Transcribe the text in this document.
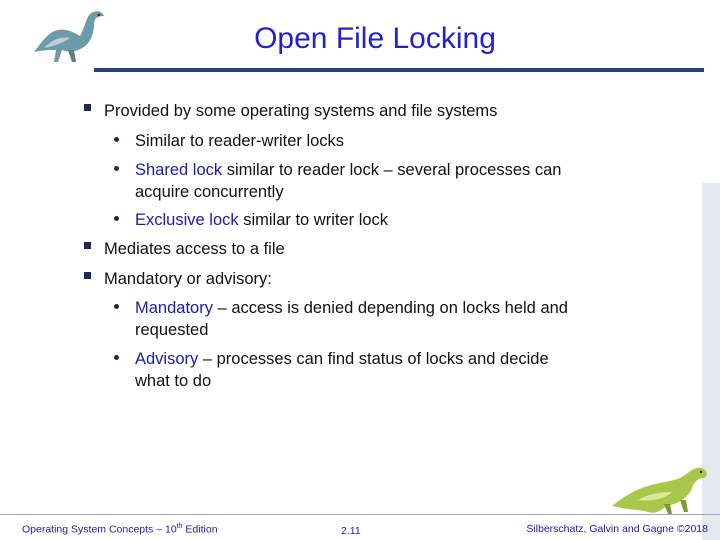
Open File Locking
Provided by some operating systems and file systems
Similar to reader-writer locks
Shared lock similar to reader lock – several processes can
acquire concurrently
Exclusive lock similar to writer lock
Mediates access to a file
Mandatory or advisory:
Mandatory – access is denied depending on locks held and
requested
Advisory – processes can find status of locks and decide
what to do
Operating System Concepts – 10th Edition	2.11	Silberschatz, Galvin and Gagne ©2018
